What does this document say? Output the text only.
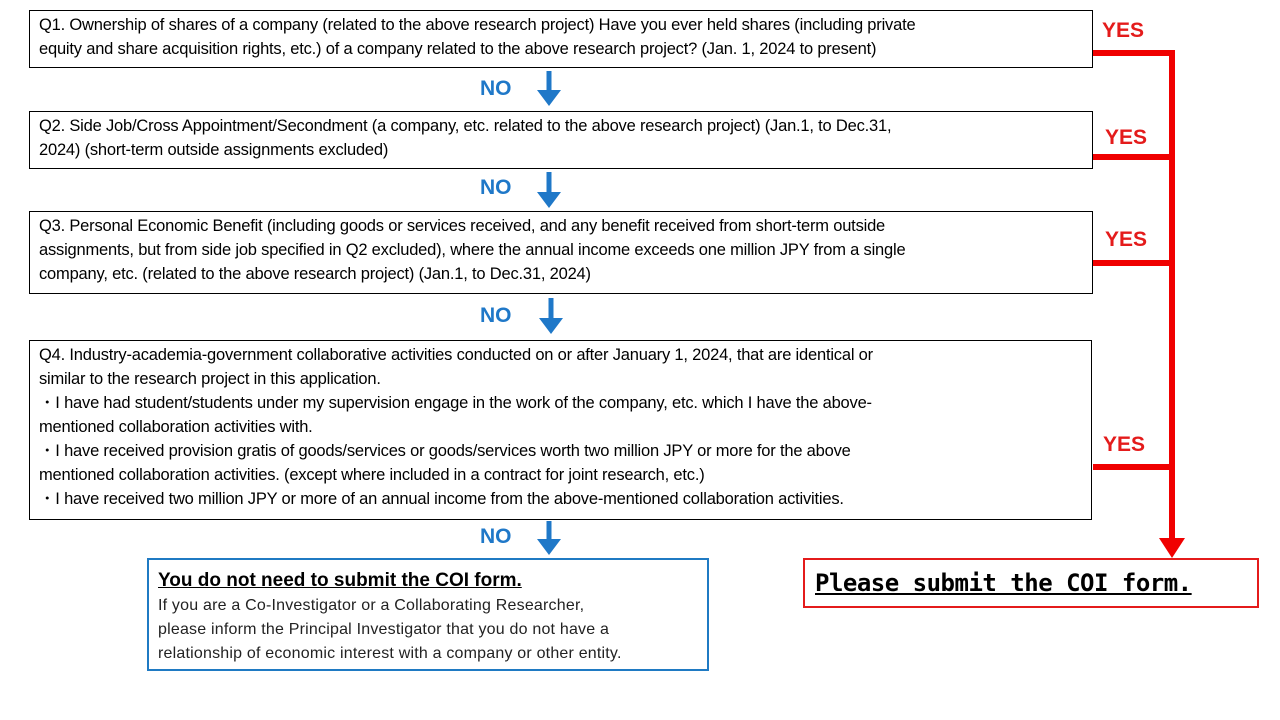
Q1. Ownership of shares of a company (related to the above research project) Have you ever held shares (including private
equity and share acquisition rights, etc.) of a company related to the above research project? (Jan. 1, 2024 to present)
Q2. Side Job/Cross Appointment/Secondment (a company, etc. related to the above research project) (Jan.1, to Dec.31,
2024) (short-term outside assignments excluded)
Q3. Personal Economic Benefit (including goods or services received, and any benefit received from short-term outside
assignments, but from side job specified in Q2 excluded), where the annual income exceeds one million JPY from a single
company, etc. (related to the above research project) (Jan.1, to Dec.31, 2024)
Q4. Industry-academia-government collaborative activities conducted on or after January 1, 2024, that are identical or
similar to the research project in this application.
・I have had student/students under my supervision engage in the work of the company, etc. which I have the above-
mentioned collaboration activities with.
・I have received provision gratis of goods/services or goods/services worth two million JPY or more for the above
mentioned collaboration activities. (except where included in a contract for joint research, etc.)
・I have received two million JPY or more of an annual income from the above-mentioned collaboration activities.
NO
NO
NO
NO
YES
YES
YES
YES
You do not need to submit the COI form.
If you are a Co-Investigator or a Collaborating Researcher,
please inform the Principal Investigator that you do not have a
relationship of economic interest with a company or other entity.
Please submit the COI form.
